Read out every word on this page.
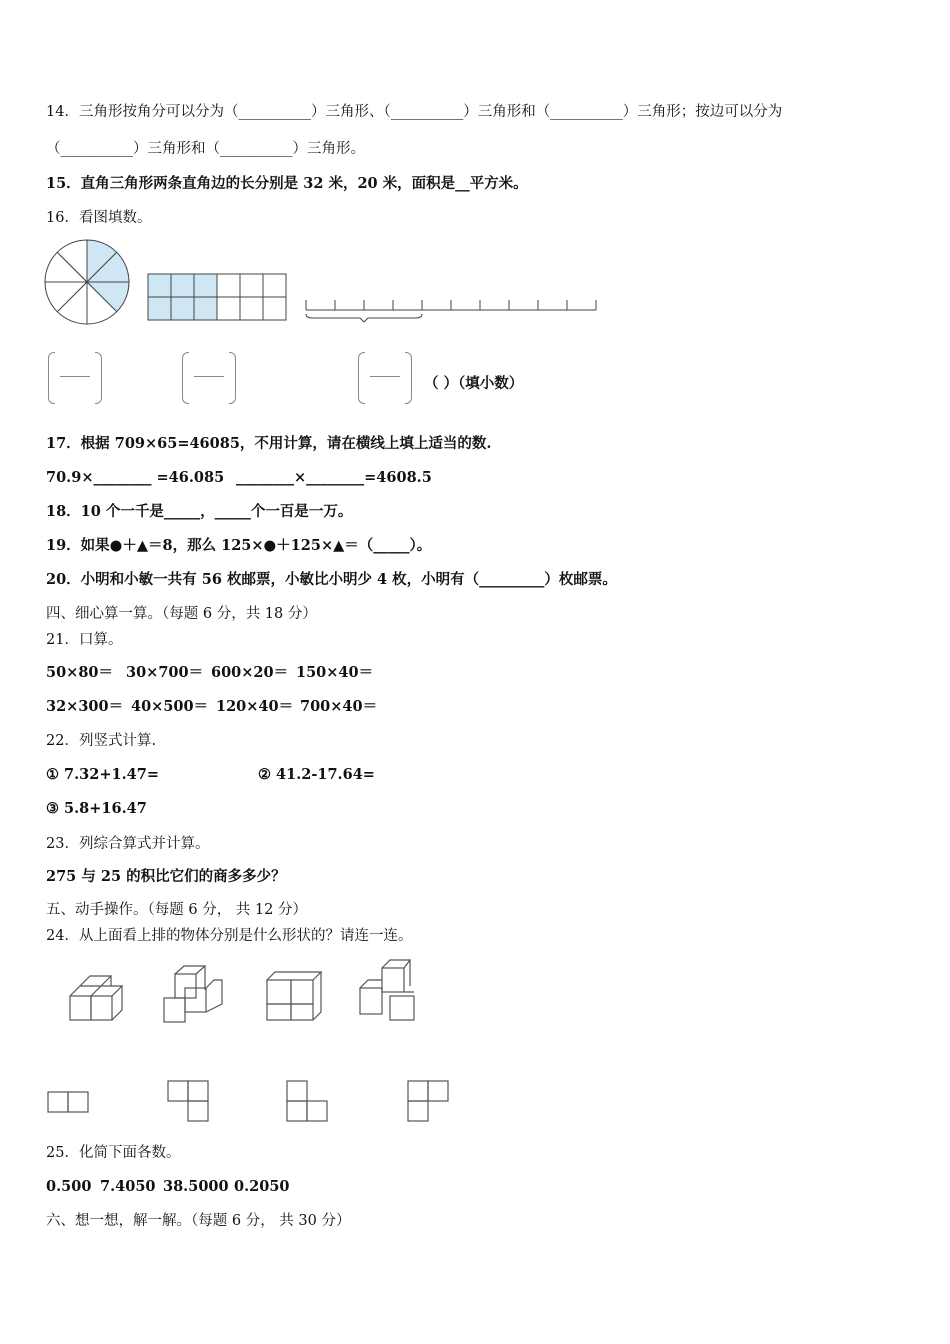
14．三角形按角分可以分为（__________）三角形、（__________）三角形和（__________）三角形；按边可以分为
（__________）三角形和（__________）三角形。
15．直角三角形两条直角边的长分别是 32 米，20 米，面积是__平方米。
16．看图填数。
（ ）（填小数）
17．根据 709×65=46085，不用计算，请在横线上填上适当的数.
70.9×________ =46.085 ________×________=4608.5
18．10 个一千是_____，_____个一百是一万。
19．如果●＋▲＝8，那么 125×●＋125×▲＝（_____）。
20．小明和小敏一共有 56 枚邮票，小敏比小明少 4 枚，小明有（_________）枚邮票。
四、细心算一算。（每题 6 分，共 18 分）
21．口算。
50×80＝ 30×700＝ 600×20＝ 150×40＝
32×300＝ 40×500＝ 120×40＝ 700×40＝
22．列竖式计算.
① 7.32+1.47=	② 41.2-17.64=
③ 5.8+16.47
23．列综合算式并计算。
275 与 25 的积比它们的商多多少？
五、动手操作。（每题 6 分， 共 12 分）
24．从上面看上排的物体分别是什么形状的？请连一连。
25．化简下面各数。
0.500 7.4050 38.5000 0.2050
六、想一想，解一解。（每题 6 分， 共 30 分）
